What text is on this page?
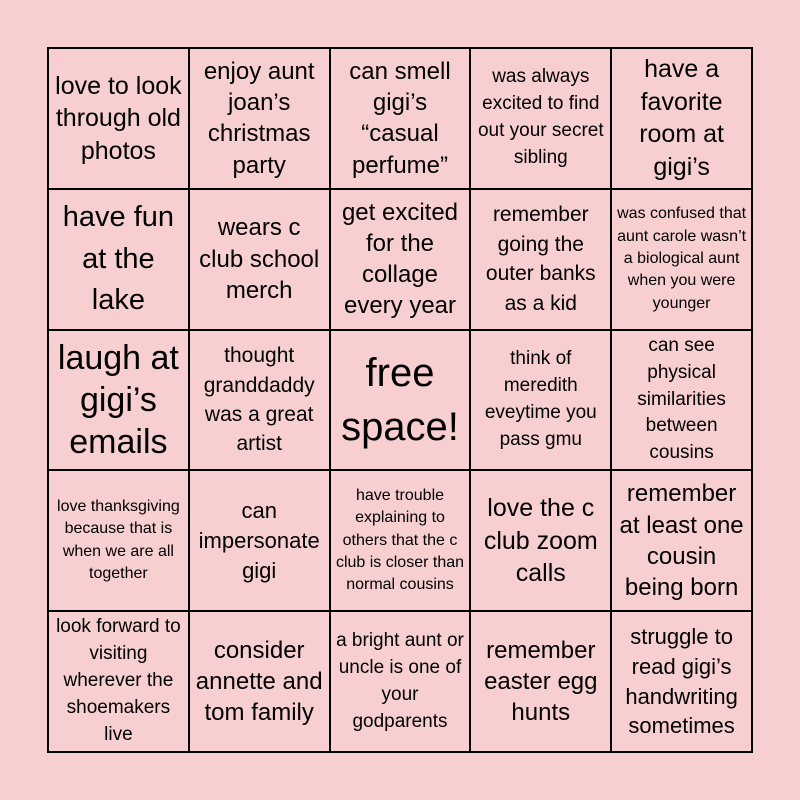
love to look through old photos
enjoy aunt joan’s christmas party
can smell gigi’s “casual perfume”
was always excited to find out your secret sibling
have a favorite room at gigi’s
have fun at the lake
wears c club school merch
get excited for the collage every year
remember going the outer banks as a kid
was confused that aunt carole wasn’t a biological aunt when you were younger
laugh at gigi’s emails
thought granddaddy was a great artist
free space!
think of meredith eveytime you pass gmu
can see physical similarities between cousins
love thanksgiving because that is when we are all together
can impersonate gigi
have trouble explaining to others that the c club is closer than normal cousins
love the c club zoom calls
remember at least one cousin being born
look forward to visiting wherever the shoemakers live
consider annette and tom family
a bright aunt or uncle is one of your godparents
remember easter egg hunts
struggle to read gigi’s handwriting sometimes
